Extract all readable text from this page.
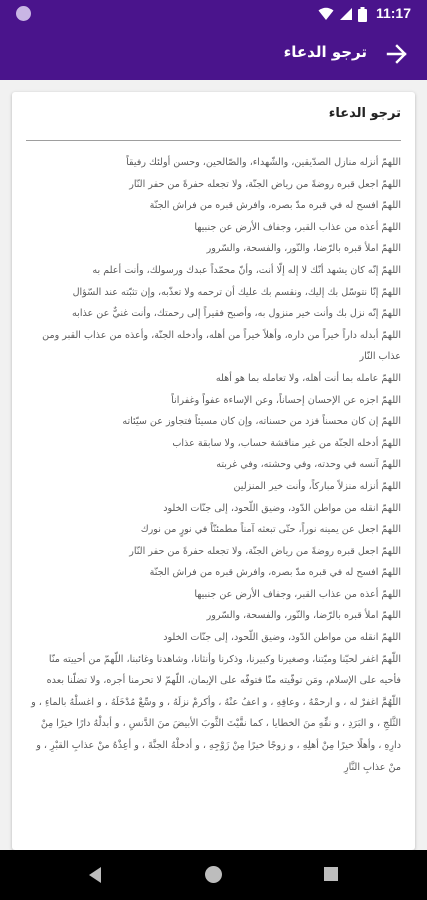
11:17
ترجو الدعاء
ترجو الدعاء

اللهمّ أنزله منازل الصدّيقين، والشّهداء، والصّالحين، وحسن أولئك رفيقاً

اللهمّ اجعل قبره روضةً من رياض الجنّة، ولا تجعله حفرةً من حفر النّار

اللهمّ افسح له في قبره مدّ بصره، وافرش قبره من فراش الجنّة

اللهمّ أعذه من عذاب القبر، وجفاف الأرض عن جنبيها

اللهمّ املأ قبره بالرّضا، والنّور، والفسحة، والسّرور

اللهمّ إنّه كان يشهد أنّك لا إله إلّا أنت، وأنّ محمّداً عبدك ورسولك، وأنت أعلم به

اللهمّ إنّا نتوسّل بك إليك، ونقسم بك عليك أن ترحمه ولا تعذّبه، وإن تثبّته عند السّؤال

اللهمّ إنّه نزل بك وأنت خير منزول به، وأصبح فقيراً إلى رحمتك، وأنت غنيٌّ عن عذابه

اللهمّ أبدله داراً خيراً من داره، وأهلاً خيراً من أهله، وأدخله الجنّة، وأعذه من عذاب القبر ومن عذاب النّار

اللهمّ عامله بما أنت أهله، ولا تعامله بما هو أهله

اللهمّ اجزه عن الإحسان إحساناً، وعن الإساءة عفواً وغفراناً

اللهمّ إن كان محسناً فزد من حسناته، وإن كان مسيئاً فتجاوز عن سيّئاته

اللهمّ أدخله الجنّة من غير مناقشة حساب، ولا سابقة عذاب

اللهمّ آنسه في وحدته، وفي وحشته، وفي غربته

اللهمّ أنزله منزلاً مباركاً، وأنت خير المنزلين

اللهمّ انقله من مواطن الدّود، وضيق اللّحود، إلى جنّات الخلود

اللهمّ اجعل عن يمينه نوراً، حتّى تبعثه آمناً مطمئنّاً في نورٍ من نورك

اللهمّ اجعل قبره روضةً من رياض الجنّة، ولا تجعله حفرةً من حفر النّار

اللهمّ افسح له في قبره مدّ بصره، وافرش قبره من فراش الجنّة

اللهمّ أعذه من عذاب القبر، وجفاف الأرض عن جنبيها

اللهمّ املأ قبره بالرّضا، والنّور، والفسحة، والسّرور

اللهمّ انقله من مواطن الدّود، وضيق اللّحود، إلى جنّات الخلود

اللّهمّ اغفر لحيّنا وميّتنا، وصغيرنا وكبيرنا، وذكرنا وأنثانا، وشاهدنا وغائبنا، اللّهمّ من أحييته منّا فأحيه على الإسلام، ومَن توفّيته منّا فتوفّه على الإيمان، اللّهمّ لا تحرمنا أجره، ولا تضلّنا بعده

اللّهُمَّ اغفرْ له ، و ارحمْهُ ، وعافِهِ ، و اعفُ عنْهُ ، وأكرمْ نزلَهُ ، و وسِّعْ مُدْخَلَهُ ، و اغسلْهُ بالماءِ ، و الثَّلجِ ، و البَرَدِ ، و نقِّهِ منَ الخطايا ، كما نقَّيْتَ الثَّوبَ الأبيضَ منَ الدَّنسِ ، و أبدلْهُ دارًا خيرًا مِنْ دارِهِ ، وأهلًا خيرًا مِنْ أهلِهِ ، و زوجًا خيرًا مِنْ زَوْجِهِ ، و أدخلْهُ الجنَّةَ ، و أعِذْهُ منْ عذابِ القبْرِ ، و منْ عذابِ النَّارِ
